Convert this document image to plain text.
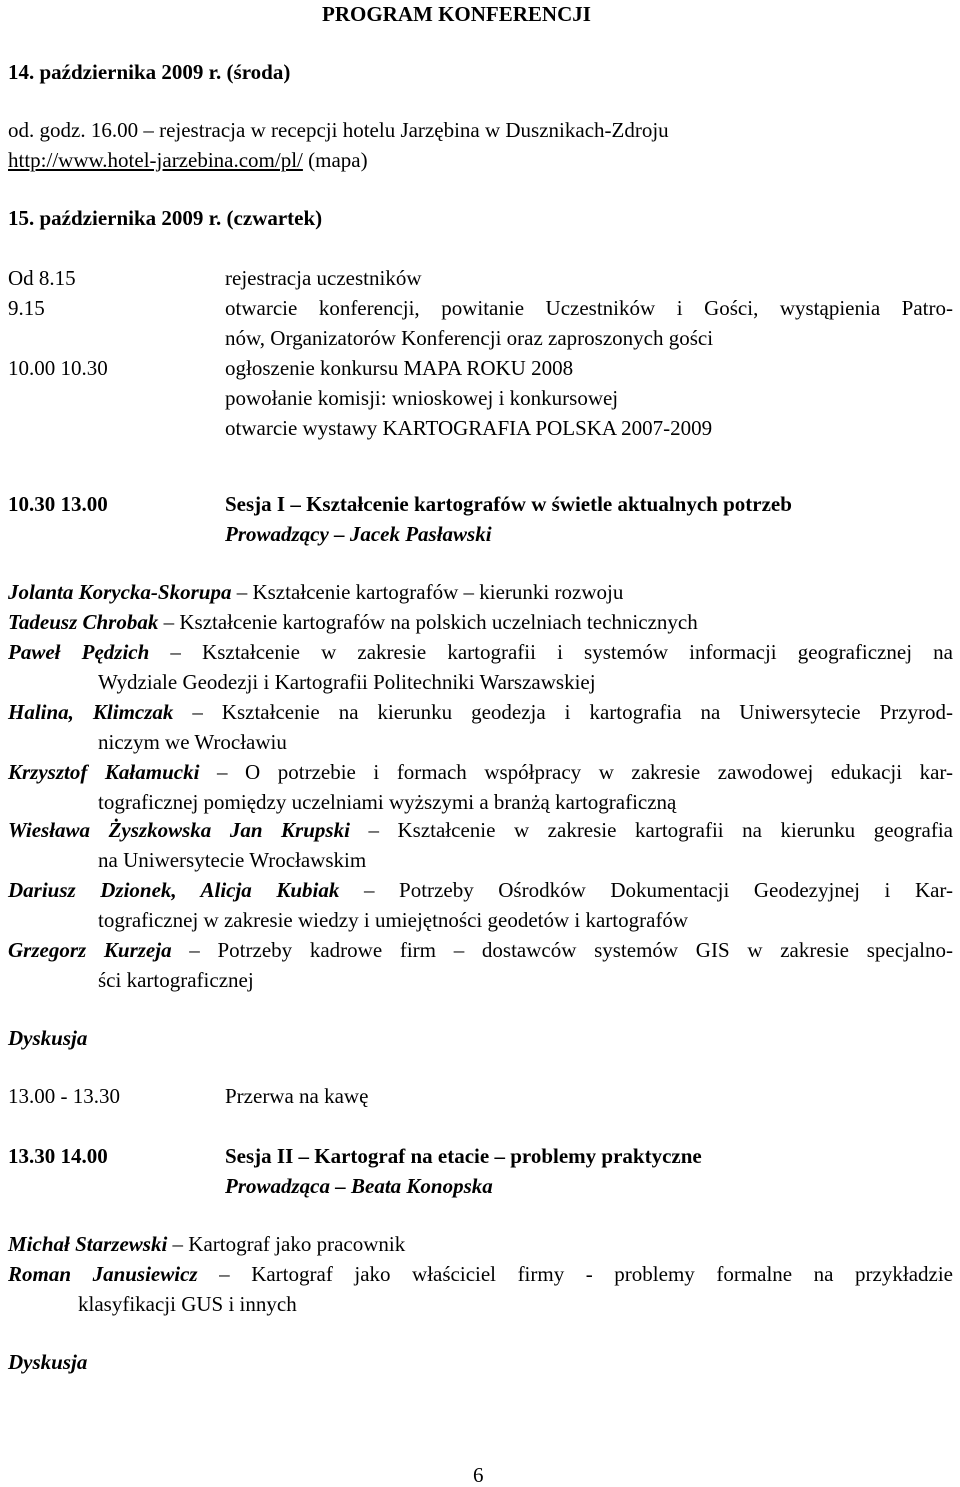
PROGRAM KONFERENCJI
14. października 2009 r. (środa)
od. godz. 16.00 – rejestracja w recepcji hotelu Jarzębina w Dusznikach-Zdroju
http://www.hotel-jarzebina.com/pl/ (mapa)
15. października 2009 r. (czwartek)
Od 8.15	rejestracja uczestników
9.15	otwarcie konferencji, powitanie Uczestników i Gości, wystąpienia Patro-
nów, Organizatorów Konferencji oraz zaproszonych gości
10.00 10.30	ogłoszenie konkursu MAPA ROKU 2008
powołanie komisji: wnioskowej i konkursowej
otwarcie wystawy KARTOGRAFIA POLSKA 2007-2009
10.30 13.00	Sesja I – Kształcenie kartografów w świetle aktualnych potrzeb
Prowadzący – Jacek Pasławski
Jolanta Korycka-Skorupa – Kształcenie kartografów – kierunki rozwoju
Tadeusz Chrobak – Kształcenie kartografów na polskich uczelniach technicznych
Paweł Pędzich – Kształcenie w zakresie kartografii i systemów informacji geograficznej na
Wydziale Geodezji i Kartografii Politechniki Warszawskiej
Halina, Klimczak – Kształcenie na kierunku geodezja i kartografia na Uniwersytecie Przyrod-
niczym we Wrocławiu
Krzysztof Kałamucki – O potrzebie i formach współpracy w zakresie zawodowej edukacji kar-
tograficznej pomiędzy uczelniami wyższymi a branżą kartograficzną
Wiesława Żyszkowska Jan Krupski – Kształcenie w zakresie kartografii na kierunku geografia
na Uniwersytecie Wrocławskim
Dariusz Dzionek, Alicja Kubiak – Potrzeby Ośrodków Dokumentacji Geodezyjnej i Kar-
tograficznej w zakresie wiedzy i umiejętności geodetów i kartografów
Grzegorz Kurzeja – Potrzeby kadrowe firm – dostawców systemów GIS w zakresie specjalno-
ści kartograficznej
Dyskusja
13.00 - 13.30	Przerwa na kawę
13.30 14.00	Sesja II – Kartograf na etacie – problemy praktyczne
Prowadząca – Beata Konopska
Michał Starzewski – Kartograf jako pracownik
Roman Janusiewicz – Kartograf jako właściciel firmy - problemy formalne na przykładzie
klasyfikacji GUS i innych
Dyskusja
6
